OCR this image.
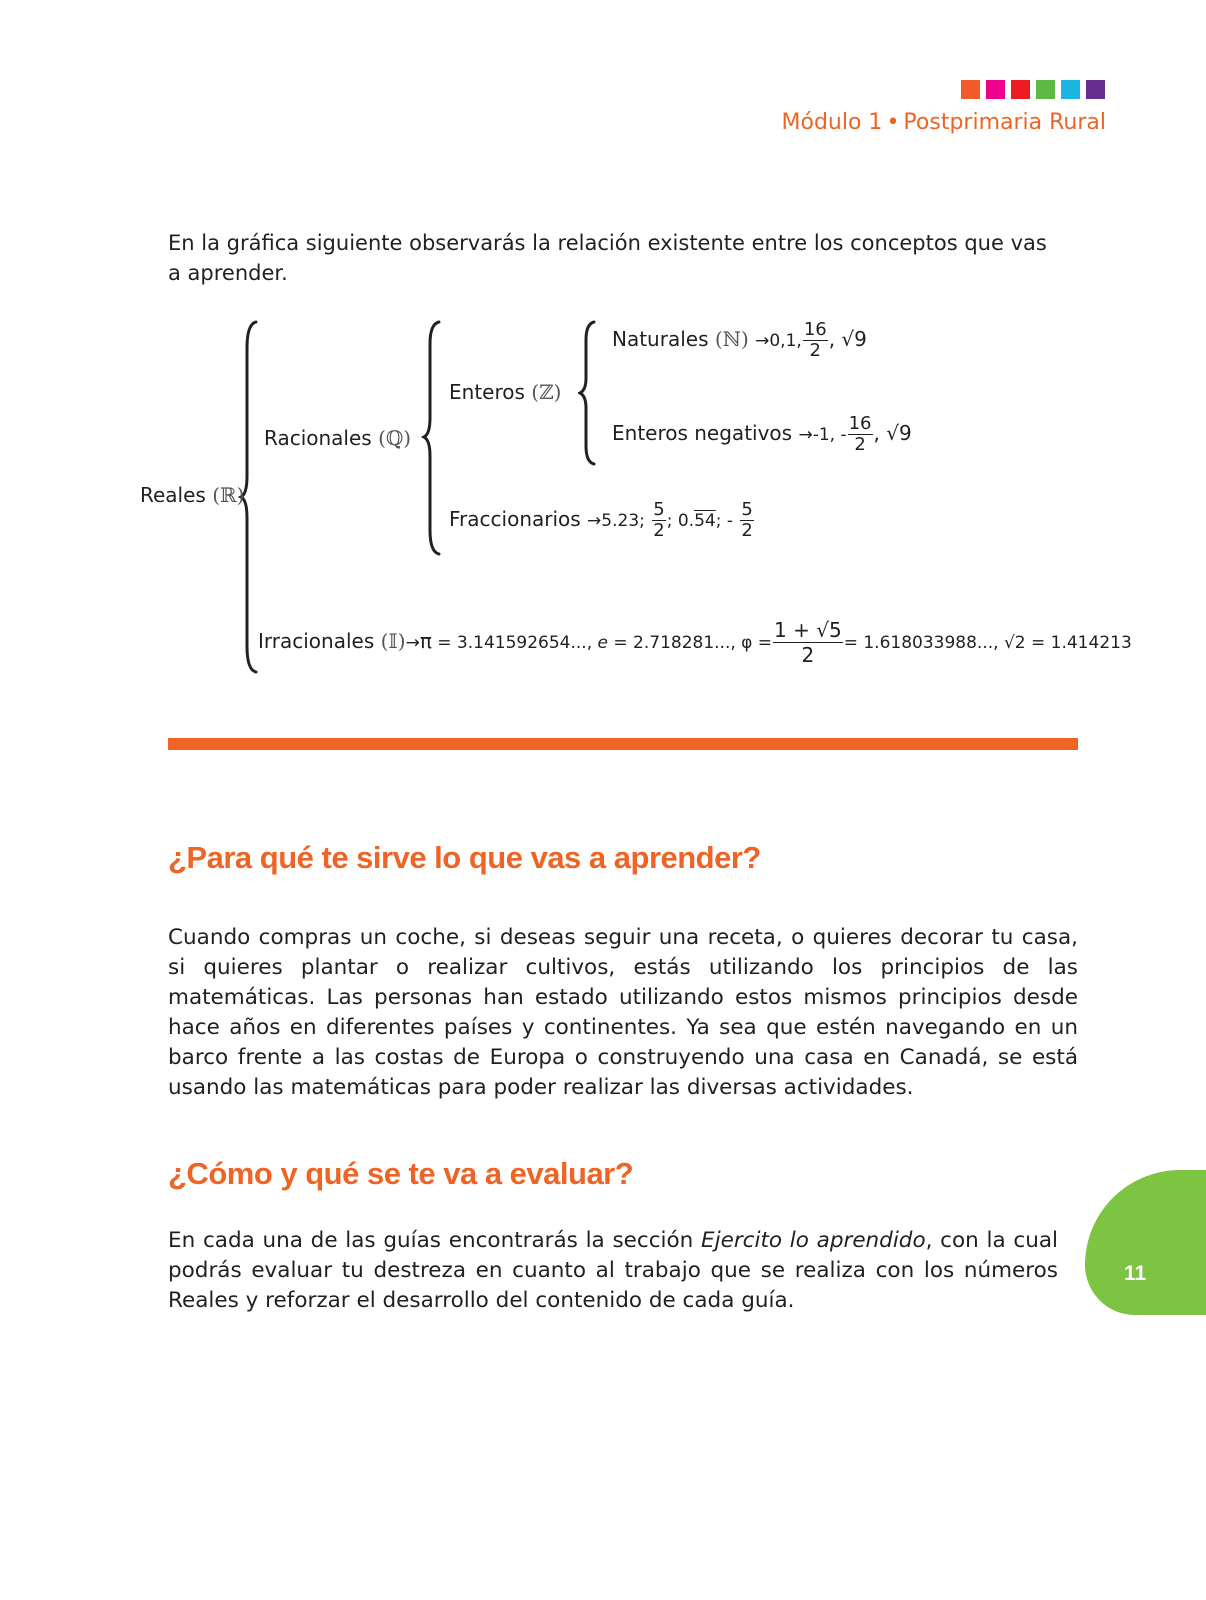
Módulo 1 • Postprimaria Rural

En la gráfica siguiente observarás la relación existente entre los conceptos que vas a aprender.

Reales (ℝ)
Racionales (ℚ)
Enteros (ℤ)
Naturales (ℕ) →0,1, $\frac{16}{2}$ , √9
Enteros negativos →-1, - $\frac{16}{2}$ , √9
Fraccionarios →5.23; $\frac{5}{2}$ ; 0.54; - $\frac{5}{2}$
Irracionales (𝕀)→π = 3.141592654..., e = 2.718281..., $\varphi = \frac{1 + √5}{2} = 1.618033988$..., √2 = 1.414213
¿Para qué te sirve lo que vas a aprender?

Cuando compras un coche, si deseas seguir una receta, o quieres decorar tu casa, si quieres plantar o realizar cultivos, estás utilizando los principios de las matemáticas. Las personas han estado utilizando estos mismos principios desde hace años en diferentes países y continentes. Ya sea que estén navegando en un barco frente a las costas de Europa o construyendo una casa en Canadá, se está usando las matemáticas para poder realizar las diversas actividades.

¿Cómo y qué se te va a evaluar?

En cada una de las guías encontrarás la sección Ejercito lo aprendido, con la cual podrás evaluar tu destreza en cuanto al trabajo que se realiza con los números Reales y reforzar el desarrollo del contenido de cada guía.

11
